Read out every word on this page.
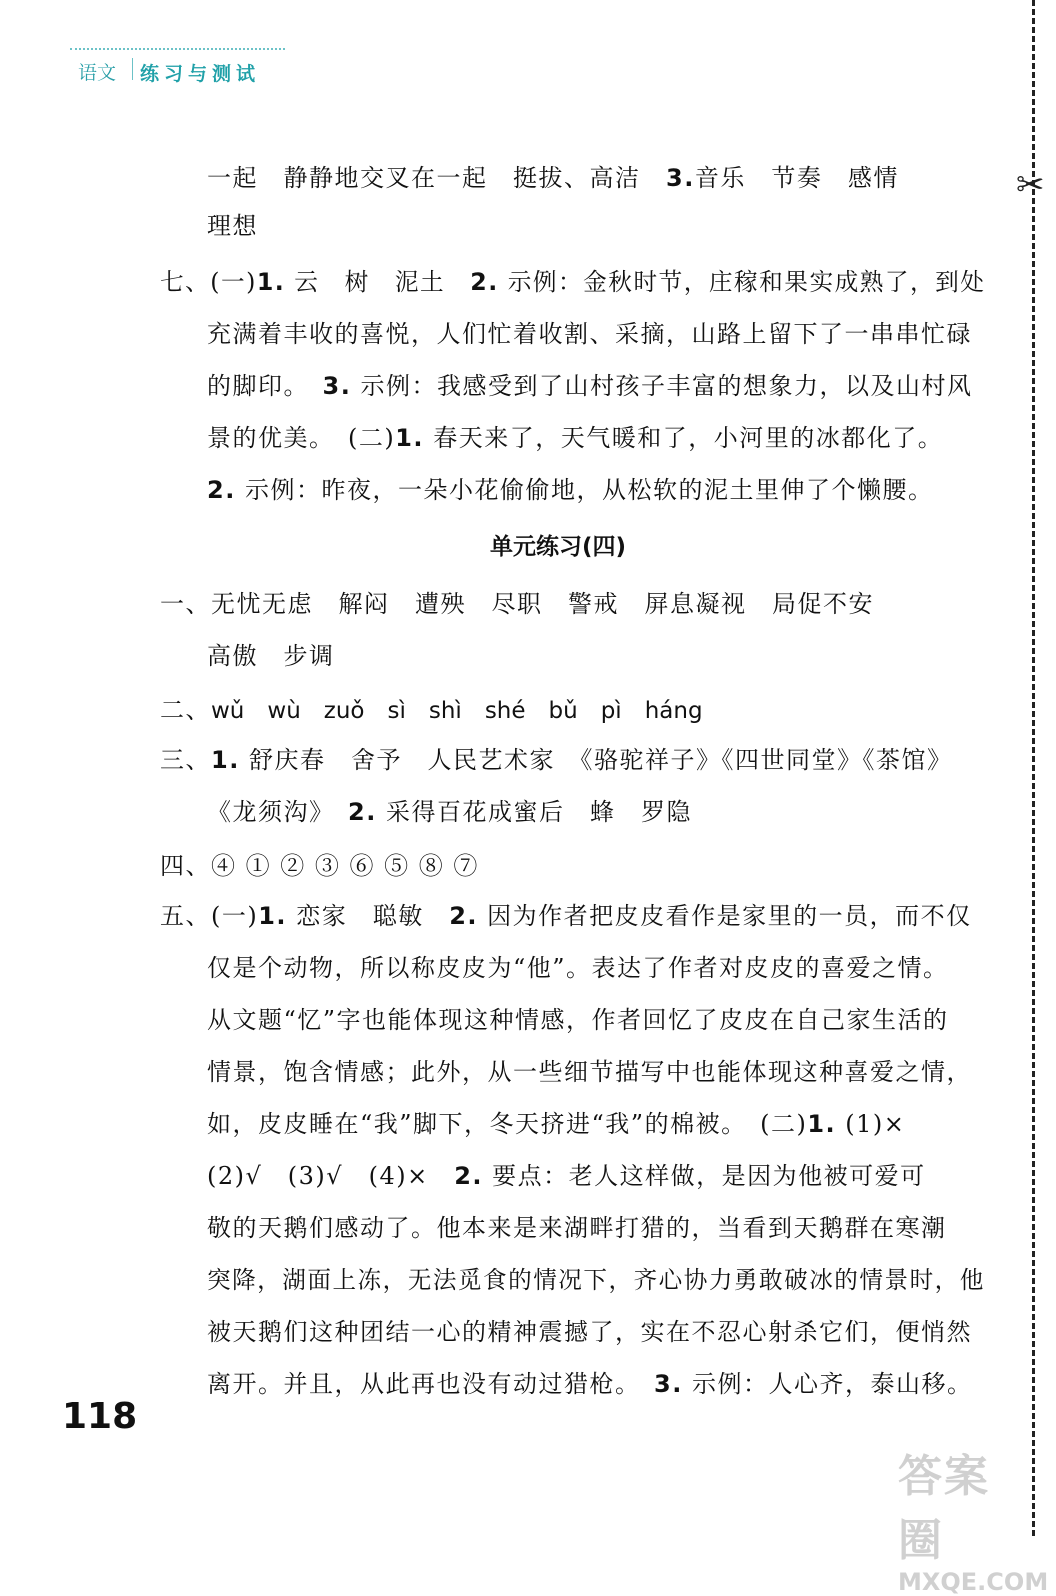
语文 练习与测试
✂
一起　静静地交叉在一起　挺拔、高洁　3.音乐　节奏　感情
理想
七、(一)1. 云　树　泥土　2. 示例：金秋时节，庄稼和果实成熟了，到处
充满着丰收的喜悦，人们忙着收割、采摘，山路上留下了一串串忙碌
的脚印。　3. 示例：我感受到了山村孩子丰富的想象力，以及山村风
景的优美。　(二)1. 春天来了，天气暖和了，小河里的冰都化了。
2. 示例：昨夜，一朵小花偷偷地，从松软的泥土里伸了个懒腰。
单元练习(四)
一、无忧无虑　解闷　遭殃　尽职　警戒　屏息凝视　局促不安
高傲　步调
二、wǔ　wù　zuǒ　sì　shì　shé　bǔ　pì　háng
三、1. 舒庆春　舍予　人民艺术家　《骆驼祥子》《四世同堂》《茶馆》
《龙须沟》　2. 采得百花成蜜后　蜂　罗隐
四、④ ① ② ③ ⑥ ⑤ ⑧ ⑦
五、(一)1. 恋家　聪敏　2. 因为作者把皮皮看作是家里的一员，而不仅
仅是个动物，所以称皮皮为“他”。表达了作者对皮皮的喜爱之情。
从文题“忆”字也能体现这种情感，作者回忆了皮皮在自己家生活的
情景，饱含情感；此外，从一些细节描写中也能体现这种喜爱之情，
如，皮皮睡在“我”脚下，冬天挤进“我”的棉被。　(二)1. (1)×
(2)√　(3)√　(4)×　2. 要点：老人这样做，是因为他被可爱可
敬的天鹅们感动了。他本来是来湖畔打猎的，当看到天鹅群在寒潮
突降，湖面上冻，无法觅食的情况下，齐心协力勇敢破冰的情景时，他
被天鹅们这种团结一心的精神震撼了，实在不忍心射杀它们，便悄然
离开。并且，从此再也没有动过猎枪。　3. 示例：人心齐，泰山移。
118
答案圈
MXQE.COM
